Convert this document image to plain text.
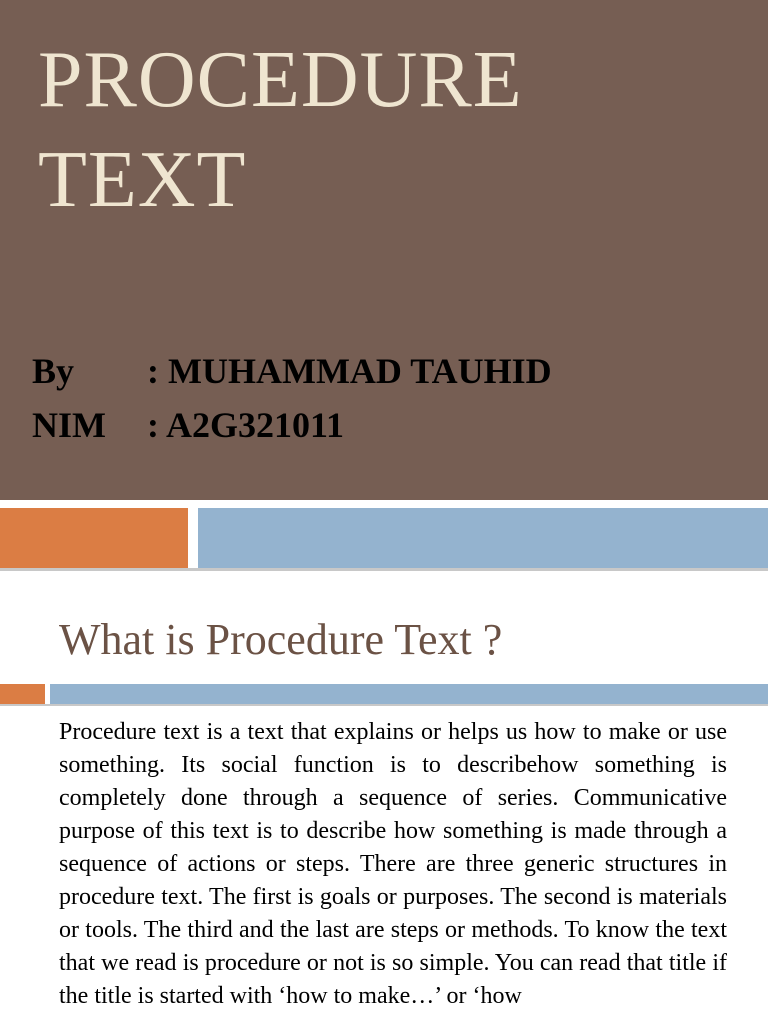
PROCEDURE
TEXT
By	: MUHAMMAD TAUHID
NIM	: A2G321011
What is Procedure Text ?

Procedure text is a text that explains or helps us how to make or use something. Its social function is to describehow something is completely done through a sequence of series. Communicative purpose of this text is to describe how something is made through a sequence of actions or steps. There are three generic structures in procedure text. The first is goals or purposes. The second is materials or tools. The third and the last are steps or methods. To know the text that we read is procedure or not is so simple. You can read that title if the title is started with ‘how to make…’ or ‘how
